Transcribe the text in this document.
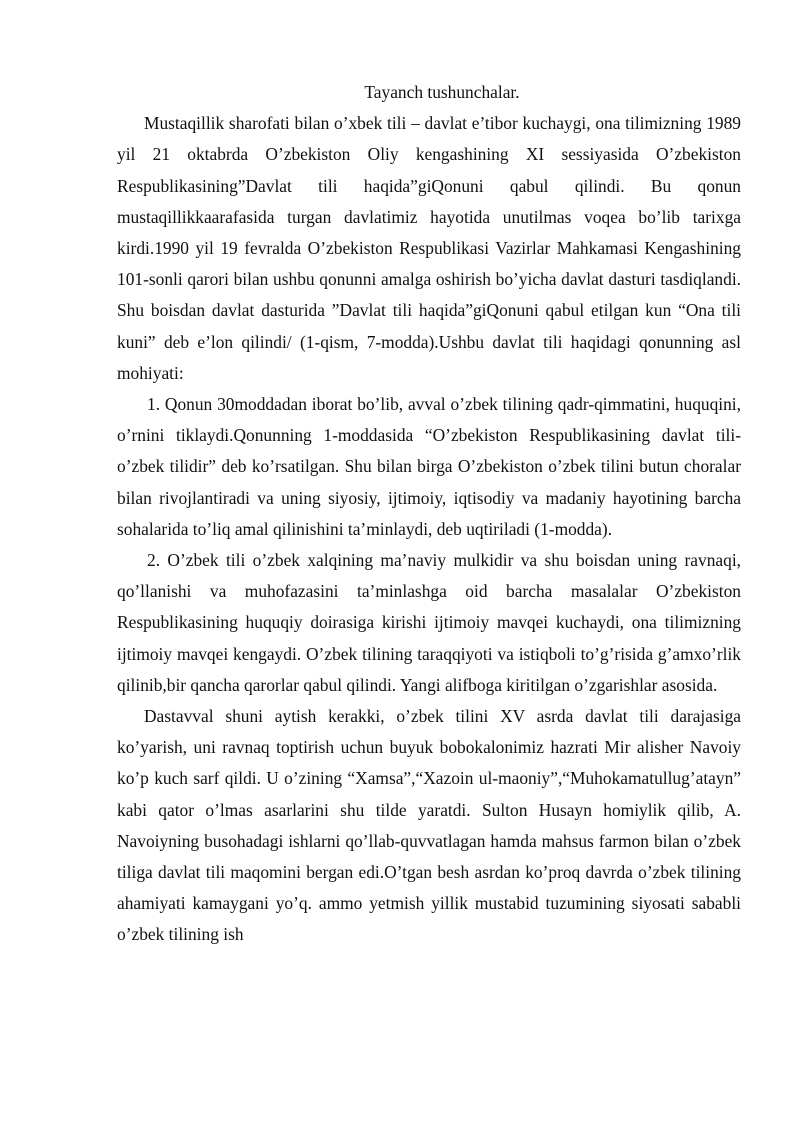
Tayanch tushunchalar.

Mustaqillik sharofati bilan o’xbek tili – davlat e’tibor kuchaygi, ona tilimizning 1989 yil 21 oktabrda O’zbekiston Oliy kengashining XI sessiyasida O’zbekiston Respublikasining”Davlat tili haqida”giQonuni qabul qilindi. Bu qonun mustaqillikkaarafasida turgan davlatimiz hayotida unutilmas voqea bo’lib tarixga kirdi.1990 yil 19 fevralda O’zbekiston Respublikasi Vazirlar Mahkamasi Kengashining 101-sonli qarori bilan ushbu qonunni amalga oshirish bo’yicha davlat dasturi tasdiqlandi. Shu boisdan davlat dasturida ”Davlat tili haqida”giQonuni qabul etilgan kun “Ona tili kuni” deb e’lon qilindi/ (1-qism, 7-modda).Ushbu davlat tili haqidagi qonunning asl mohiyati:

1. Qonun 30moddadan iborat bo’lib, avval o’zbek tilining qadr-qimmatini, huquqini, o’rnini tiklaydi.Qonunning 1-moddasida “O’zbekiston Respublikasining davlat tili- o’zbek tilidir” deb ko’rsatilgan. Shu bilan birga O’zbekiston o’zbek tilini butun choralar bilan rivojlantiradi va uning siyosiy, ijtimoiy, iqtisodiy va madaniy hayotining barcha sohalarida to’liq amal qilinishini ta’minlaydi, deb uqtiriladi (1-modda).

2. O’zbek tili o’zbek xalqining ma’naviy mulkidir va shu boisdan uning ravnaqi, qo’llanishi va muhofazasini ta’minlashga oid barcha masalalar O’zbekiston Respublikasining huquqiy doirasiga kirishi ijtimoiy mavqei kuchaydi, ona tilimizning ijtimoiy mavqei kengaydi. O’zbek tilining taraqqiyoti va istiqboli to’g’risida g’amxo’rlik qilinib,bir qancha qarorlar qabul qilindi. Yangi alifboga kiritilgan o’zgarishlar asosida.

Dastavval shuni aytish kerakki, o’zbek tilini XV asrda davlat tili darajasiga ko’yarish, uni ravnaq toptirish uchun buyuk bobokalonimiz hazrati Mir alisher Navoiy ko’p kuch sarf qildi. U o’zining “Xamsa”,“Xazoin ul-maoniy”,“Muhokamatullug’atayn” kabi qator o’lmas asarlarini shu tilde yaratdi. Sulton Husayn homiylik qilib, A. Navoiyning busohadagi ishlarni qo’llab-quvvatlagan hamda mahsus farmon bilan o’zbek tiliga davlat tili maqomini bergan edi.O’tgan besh asrdan ko’proq davrda o’zbek tilining ahamiyati kamaygani yo’q. ammo yetmish yillik mustabid tuzumining siyosati sababli o’zbek tilining ish
